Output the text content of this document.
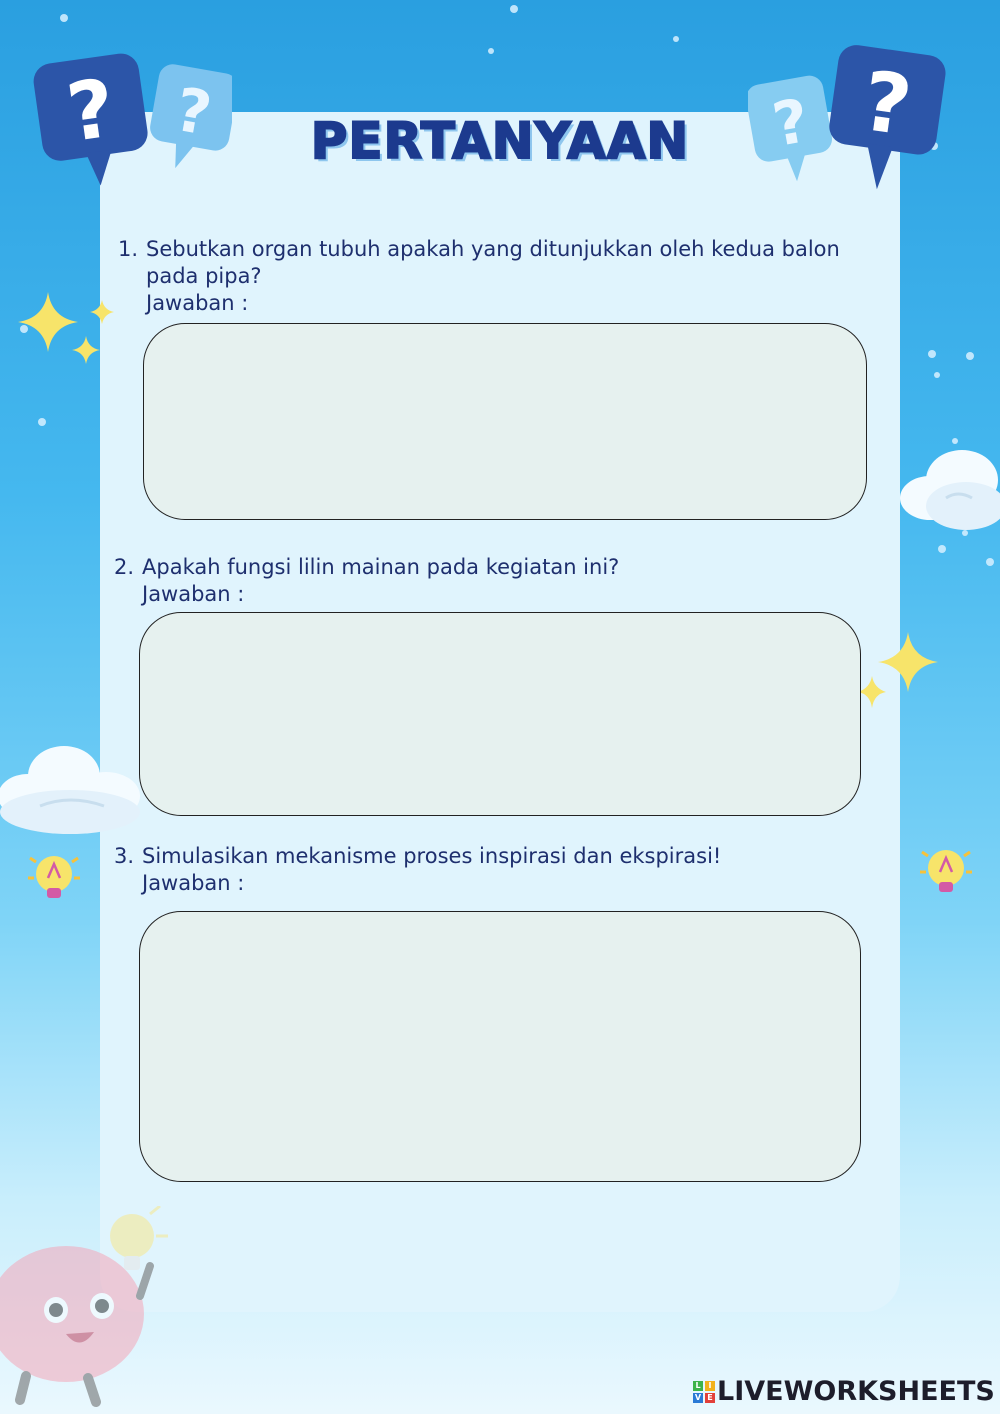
? ?	? ?
PERTANYAAN
1. Sebutkan organ tubuh apakah yang ditunjukkan oleh kedua balon
pada pipa?
Jawaban :
2. Apakah fungsi lilin mainan pada kegiatan ini?
Jawaban :
3. Simulasikan mekanisme proses inspirasi dan ekspirasi!
Jawaban :
L I
V E LIVEWORKSHEETS
